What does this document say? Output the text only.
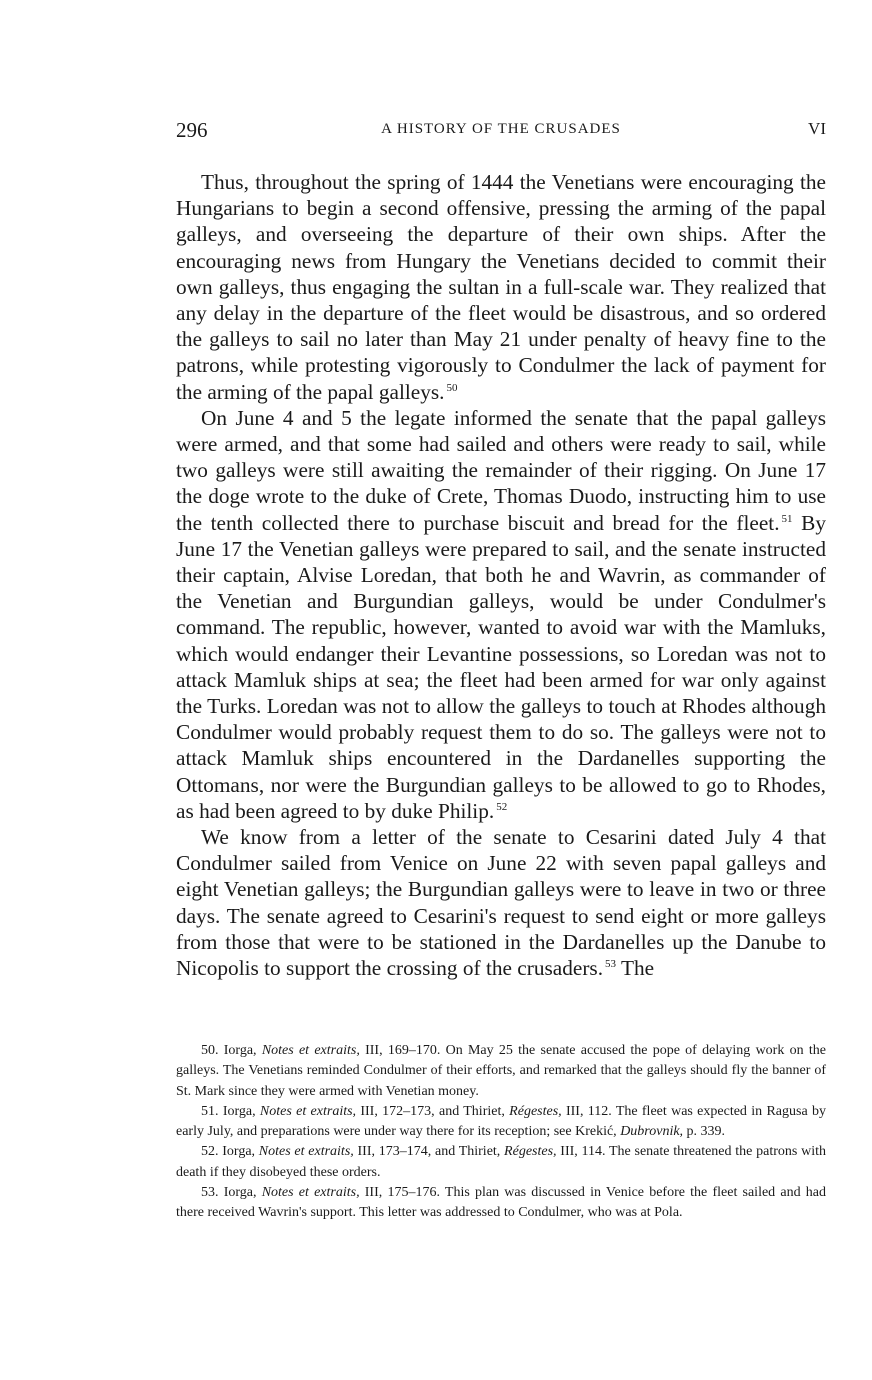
296	A HISTORY OF THE CRUSADES	VI

Thus, throughout the spring of 1444 the Venetians were encouraging the Hungarians to begin a second offensive, pressing the arming of the papal galleys, and overseeing the departure of their own ships. After the encouraging news from Hungary the Venetians decided to commit their own galleys, thus engaging the sultan in a full-scale war. They realized that any delay in the departure of the fleet would be disastrous, and so ordered the galleys to sail no later than May 21 under penalty of heavy fine to the patrons, while protesting vigorously to Condulmer the lack of payment for the arming of the papal galleys. $^{50}$

On June 4 and 5 the legate informed the senate that the papal galleys were armed, and that some had sailed and others were ready to sail, while two galleys were still awaiting the remainder of their rigging. On June 17 the doge wrote to the duke of Crete, Thomas Duodo, instructing him to use the tenth collected there to purchase biscuit and bread for the fleet. $^{51}$ By June 17 the Venetian galleys were prepared to sail, and the senate instructed their captain, Alvise Loredan, that both he and Wavrin, as commander of the Venetian and Burgundian galleys, would be under Condulmer's command. The republic, however, wanted to avoid war with the Mamluks, which would endanger their Levantine possessions, so Loredan was not to attack Mamluk ships at sea; the fleet had been armed for war only against the Turks. Loredan was not to allow the galleys to touch at Rhodes although Condulmer would probably request them to do so. The galleys were not to attack Mamluk ships encountered in the Dardanelles supporting the Ottomans, nor were the Burgundian galleys to be allowed to go to Rhodes, as had been agreed to by duke Philip. $^{52}$

We know from a letter of the senate to Cesarini dated July 4 that Condulmer sailed from Venice on June 22 with seven papal galleys and eight Venetian galleys; the Burgundian galleys were to leave in two or three days. The senate agreed to Cesarini's request to send eight or more galleys from those that were to be stationed in the Dardanelles up the Danube to Nicopolis to support the crossing of the crusaders. $^{53}$ The

50. Iorga, Notes et extraits, III, 169–170. On May 25 the senate accused the pope of delaying work on the galleys. The Venetians reminded Condulmer of their efforts, and remarked that the galleys should fly the banner of St. Mark since they were armed with Venetian money.

51. Iorga, Notes et extraits, III, 172–173, and Thiriet, Régestes, III, 112. The fleet was expected in Ragusa by early July, and preparations were under way there for its reception; see Krekić, Dubrovnik, p. 339.

52. Iorga, Notes et extraits, III, 173–174, and Thiriet, Régestes, III, 114. The senate threatened the patrons with death if they disobeyed these orders.

53. Iorga, Notes et extraits, III, 175–176. This plan was discussed in Venice before the fleet sailed and had there received Wavrin's support. This letter was addressed to Condulmer, who was at Pola.
